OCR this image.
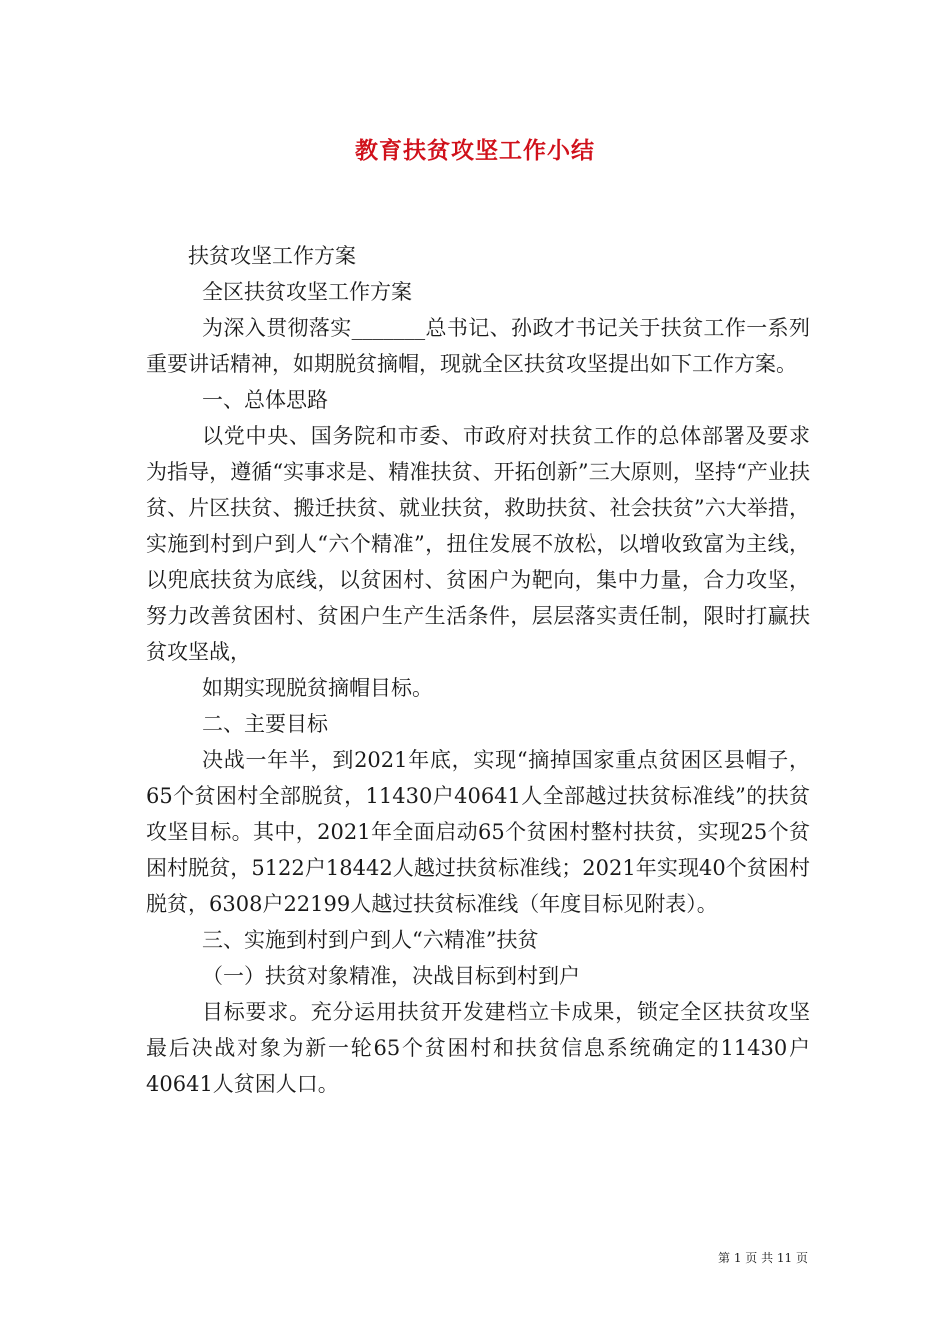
教育扶贫攻坚工作小结

扶贫攻坚工作方案

全区扶贫攻坚工作方案

为深入贯彻落实_______总书记、孙政才书记关于扶贫工作一系列重要讲话精神，如期脱贫摘帽，现就全区扶贫攻坚提出如下工作方案。

一、总体思路

以党中央、国务院和市委、市政府对扶贫工作的总体部署及要求为指导，遵循“实事求是、精准扶贫、开拓创新”三大原则，坚持“产业扶贫、片区扶贫、搬迁扶贫、就业扶贫，救助扶贫、社会扶贫”六大举措，实施到村到户到人“六个精准”，扭住发展不放松，以增收致富为主线，以兜底扶贫为底线，以贫困村、贫困户为靶向，集中力量，合力攻坚，努力改善贫困村、贫困户生产生活条件，层层落实责任制，限时打赢扶贫攻坚战，

如期实现脱贫摘帽目标。

二、主要目标

决战一年半，到2021年底，实现“摘掉国家重点贫困区县帽子，65个贫困村全部脱贫，11430户40641人全部越过扶贫标准线”的扶贫攻坚目标。其中，2021年全面启动65个贫困村整村扶贫，实现25个贫困村脱贫，5122户18442人越过扶贫标准线；2021年实现40个贫困村脱贫，6308户22199人越过扶贫标准线（年度目标见附表）。

三、实施到村到户到人“六精准”扶贫

（一）扶贫对象精准，决战目标到村到户

目标要求。充分运用扶贫开发建档立卡成果，锁定全区扶贫攻坚最后决战对象为新一轮65个贫困村和扶贫信息系统确定的11430户40641人贫困人口。

第 1 页 共 11 页
